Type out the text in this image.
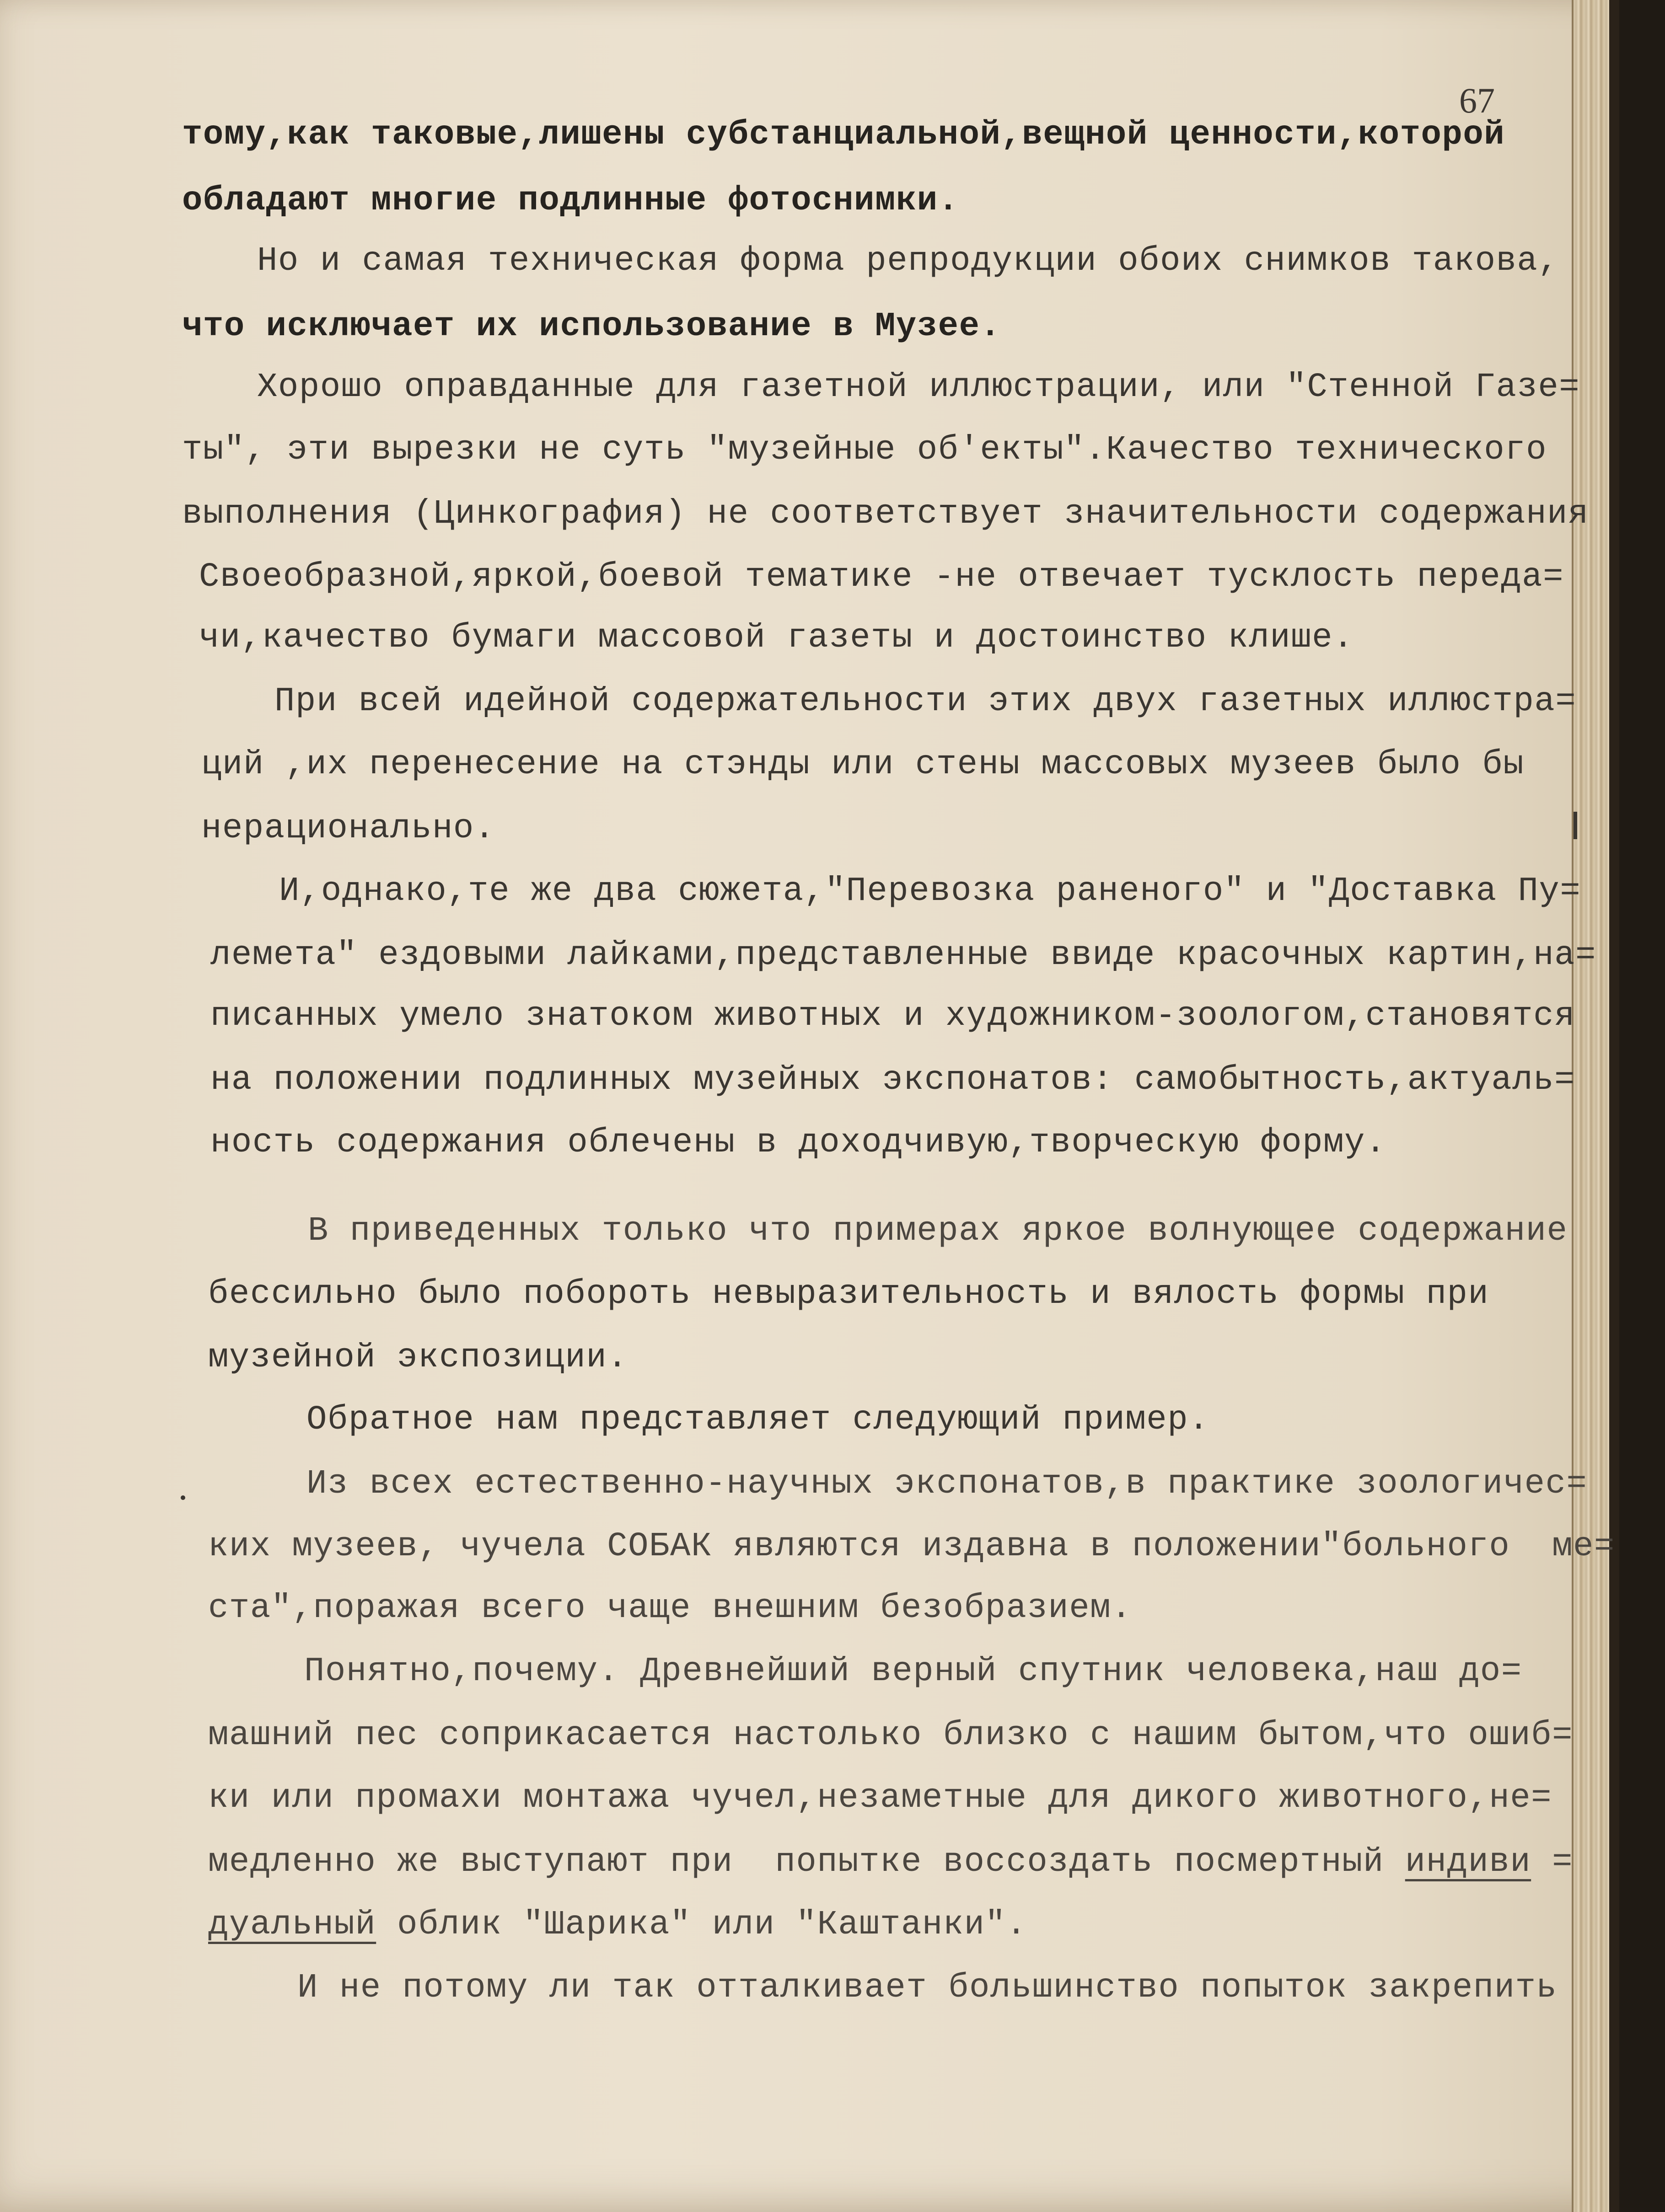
67
тому,как таковые,лишены субстанциальной,вещной ценности,которой
обладают многие подлинные фотоснимки.
Но и самая техническая форма репродукции обоих снимков такова,
что исключает их использование в Музее.
Хорошо оправданные для газетной иллюстрации, или "Стенной Газе=
ты", эти вырезки не суть "музейные об'екты".Качество технического
выполнения (Цинкография) не соответствует значительности содержания
Своеобразной,яркой,боевой тематике -не отвечает тусклость переда=
чи,качество бумаги массовой газеты и достоинство клише.
При всей идейной содержательности этих двух газетных иллюстра=
ций ,их перенесение на стэнды или стены массовых музеев было бы
нерационально.
И,однако,те же два сюжета,"Перевозка раненого" и "Доставка Пу=
лемета" ездовыми лайками,представленные ввиде красочных картин,на=
писанных умело знатоком животных и художником-зоологом,становятся
на положении подлинных музейных экспонатов: самобытность,актуаль=
ность содержания облечены в доходчивую,творческую форму.
В приведенных только что примерах яркое волнующее содержание
бессильно было побороть невыразительность и вялость формы при
музейной экспозиции.
Обратное нам представляет следующий пример.
Из всех естественно-научных экспонатов,в практике зоологичес=
ких музеев, чучела СОБАК являются издавна в положении"больного  ме=
ста",поражая всего чаще внешним безобразием.
Понятно,почему. Древнейший верный спутник человека,наш до=
машний пес соприкасается настолько близко с нашим бытом,что ошиб=
ки или промахи монтажа чучел,незаметные для дикого животного,не=
медленно же выступают при  попытке воссоздать посмертный индиви =
дуальный облик "Шарика" или "Каштанки".
И не потому ли так отталкивает большинство попыток закрепить
